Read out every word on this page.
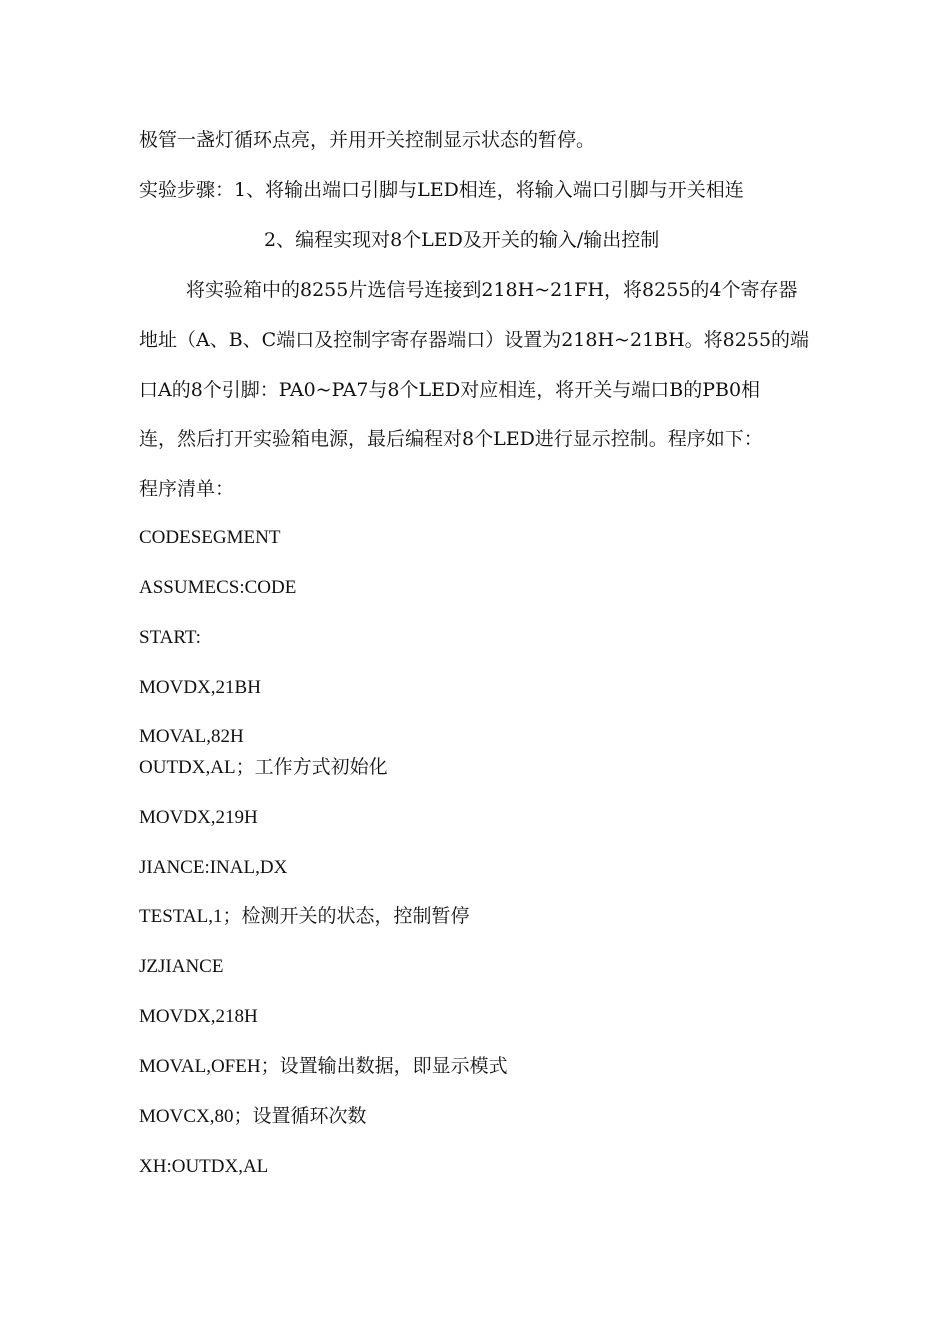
极管一盏灯循环点亮，并用开关控制显示状态的暂停。
实验步骤：1、将输出端口引脚与LED相连，将输入端口引脚与开关相连
2、编程实现对8个LED及开关的输入/输出控制
将实验箱中的8255片选信号连接到218H~21FH，将8255的4个寄存器
地址（A、B、C端口及控制字寄存器端口）设置为218H~21BH。将8255的端
口A的8个引脚：PA0~PA7与8个LED对应相连，将开关与端口B的PB0相
连，然后打开实验箱电源，最后编程对8个LED进行显示控制。程序如下：
程序清单：
CODESEGMENT
ASSUMECS:CODE
START:
MOVDX,21BH
MOVAL,82H
OUTDX,AL；工作方式初始化
MOVDX,219H
JIANCE:INAL,DX
TESTAL,1；检测开关的状态，控制暂停
JZJIANCE
MOVDX,218H
MOVAL,OFEH；设置输出数据，即显示模式
MOVCX,80；设置循环次数
XH:OUTDX,AL
